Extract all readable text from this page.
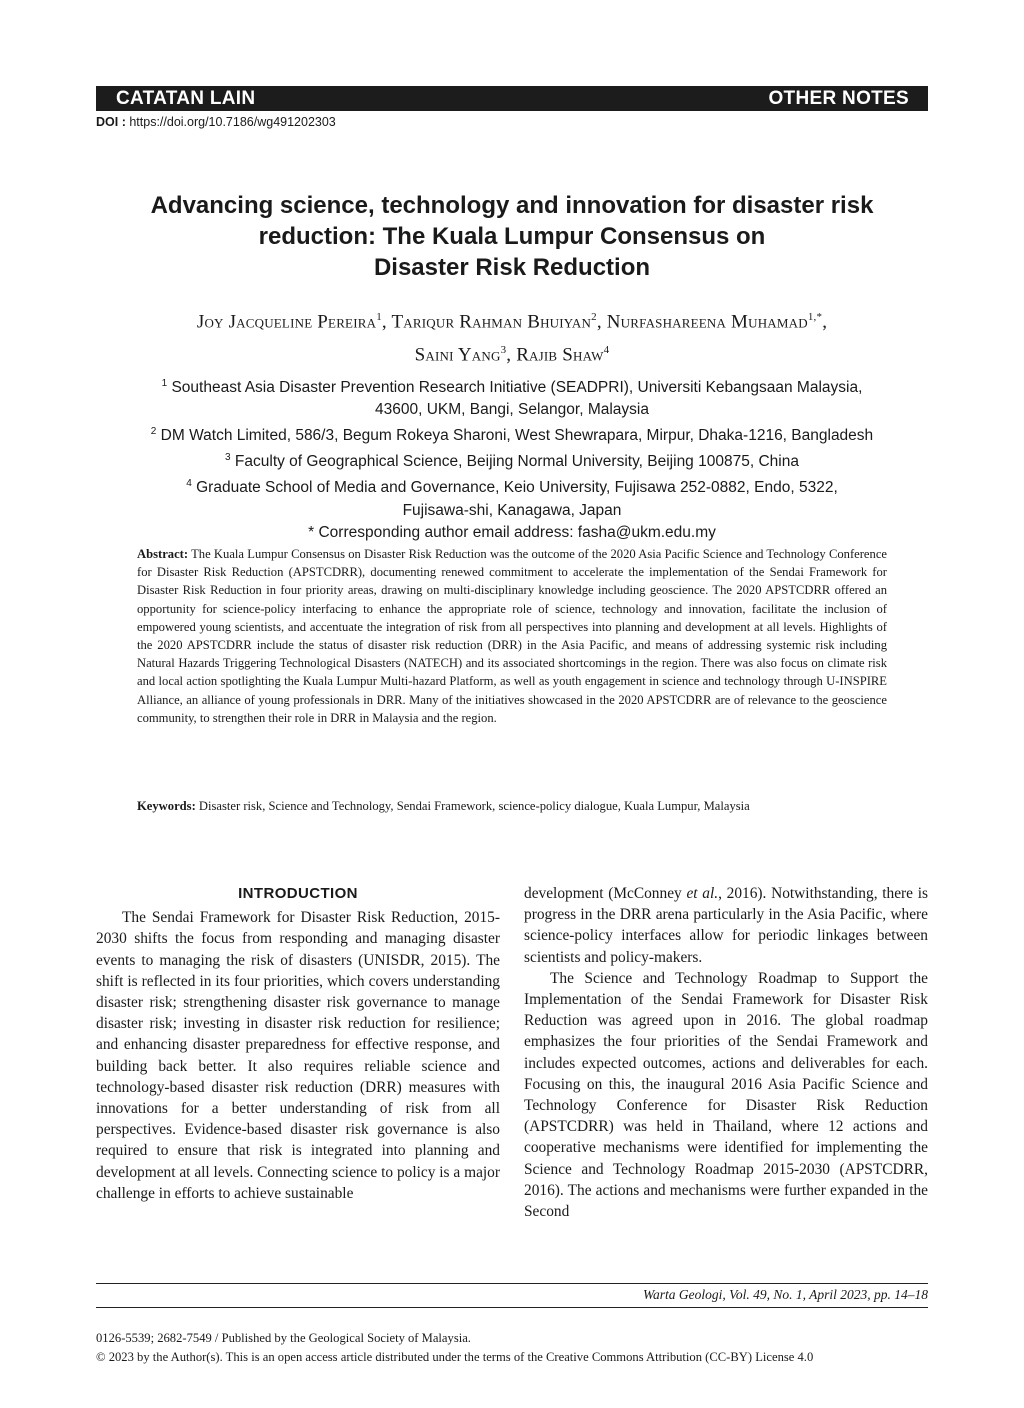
CATATAN LAIN	OTHER NOTES
DOI : https://doi.org/10.7186/wg491202303
Advancing science, technology and innovation for disaster risk
reduction: The Kuala Lumpur Consensus on
Disaster Risk Reduction
Joy Jacqueline Pereira$^1$, Tariqur Rahman Bhuiyan$^2$, Nurfashareena Muhamad$^{1,*}$,
Saini Yang$^3$, Rajib Shaw$^4$
$^1$ Southeast Asia Disaster Prevention Research Initiative (SEADPRI), Universiti Kebangsaan Malaysia,
43600, UKM, Bangi, Selangor, Malaysia
$^2$ DM Watch Limited, 586/3, Begum Rokeya Sharoni, West Shewrapara, Mirpur, Dhaka-1216, Bangladesh
$^3$ Faculty of Geographical Science, Beijing Normal University, Beijing 100875, China
$^4$ Graduate School of Media and Governance, Keio University, Fujisawa 252-0882, Endo, 5322,
Fujisawa-shi, Kanagawa, Japan
* Corresponding author email address: fasha@ukm.edu.my
Abstract: The Kuala Lumpur Consensus on Disaster Risk Reduction was the outcome of the 2020 Asia Pacific Science and Technology Conference for Disaster Risk Reduction (APSTCDRR), documenting renewed commitment to accelerate the implementation of the Sendai Framework for Disaster Risk Reduction in four priority areas, drawing on multi-disciplinary knowledge including geoscience. The 2020 APSTCDRR offered an opportunity for science-policy interfacing to enhance the appropriate role of science, technology and innovation, facilitate the inclusion of empowered young scientists, and accentuate the integration of risk from all perspectives into planning and development at all levels. Highlights of the 2020 APSTCDRR include the status of disaster risk reduction (DRR) in the Asia Pacific, and means of addressing systemic risk including Natural Hazards Triggering Technological Disasters (NATECH) and its associated shortcomings in the region. There was also focus on climate risk and local action spotlighting the Kuala Lumpur Multi-hazard Platform, as well as youth engagement in science and technology through U-INSPIRE Alliance, an alliance of young professionals in DRR. Many of the initiatives showcased in the 2020 APSTCDRR are of relevance to the geoscience community, to strengthen their role in DRR in Malaysia and the region.
Keywords: Disaster risk, Science and Technology, Sendai Framework, science-policy dialogue, Kuala Lumpur, Malaysia
INTRODUCTION

The Sendai Framework for Disaster Risk Reduction, 2015-2030 shifts the focus from responding and managing disaster events to managing the risk of disasters (UNISDR, 2015). The shift is reflected in its four priorities, which covers understanding disaster risk; strengthening disaster risk governance to manage disaster risk; investing in disaster risk reduction for resilience; and enhancing disaster preparedness for effective response, and building back better. It also requires reliable science and technology-based disaster risk reduction (DRR) measures with innovations for a better understanding of risk from all perspectives. Evidence-based disaster risk governance is also required to ensure that risk is integrated into planning and development at all levels. Connecting science to policy is a major challenge in efforts to achieve sustainable

development (McConney et al., 2016). Notwithstanding, there is progress in the DRR arena particularly in the Asia Pacific, where science-policy interfaces allow for periodic linkages between scientists and policy-makers.

The Science and Technology Roadmap to Support the Implementation of the Sendai Framework for Disaster Risk Reduction was agreed upon in 2016. The global roadmap emphasizes the four priorities of the Sendai Framework and includes expected outcomes, actions and deliverables for each. Focusing on this, the inaugural 2016 Asia Pacific Science and Technology Conference for Disaster Risk Reduction (APSTCDRR) was held in Thailand, where 12 actions and cooperative mechanisms were identified for implementing the Science and Technology Roadmap 2015-2030 (APSTCDRR, 2016). The actions and mechanisms were further expanded in the Second

Warta Geologi, Vol. 49, No. 1, April 2023, pp. 14–18
0126-5539; 2682-7549 / Published by the Geological Society of Malaysia.
© 2023 by the Author(s). This is an open access article distributed under the terms of the Creative Commons Attribution (CC-BY) License 4.0
